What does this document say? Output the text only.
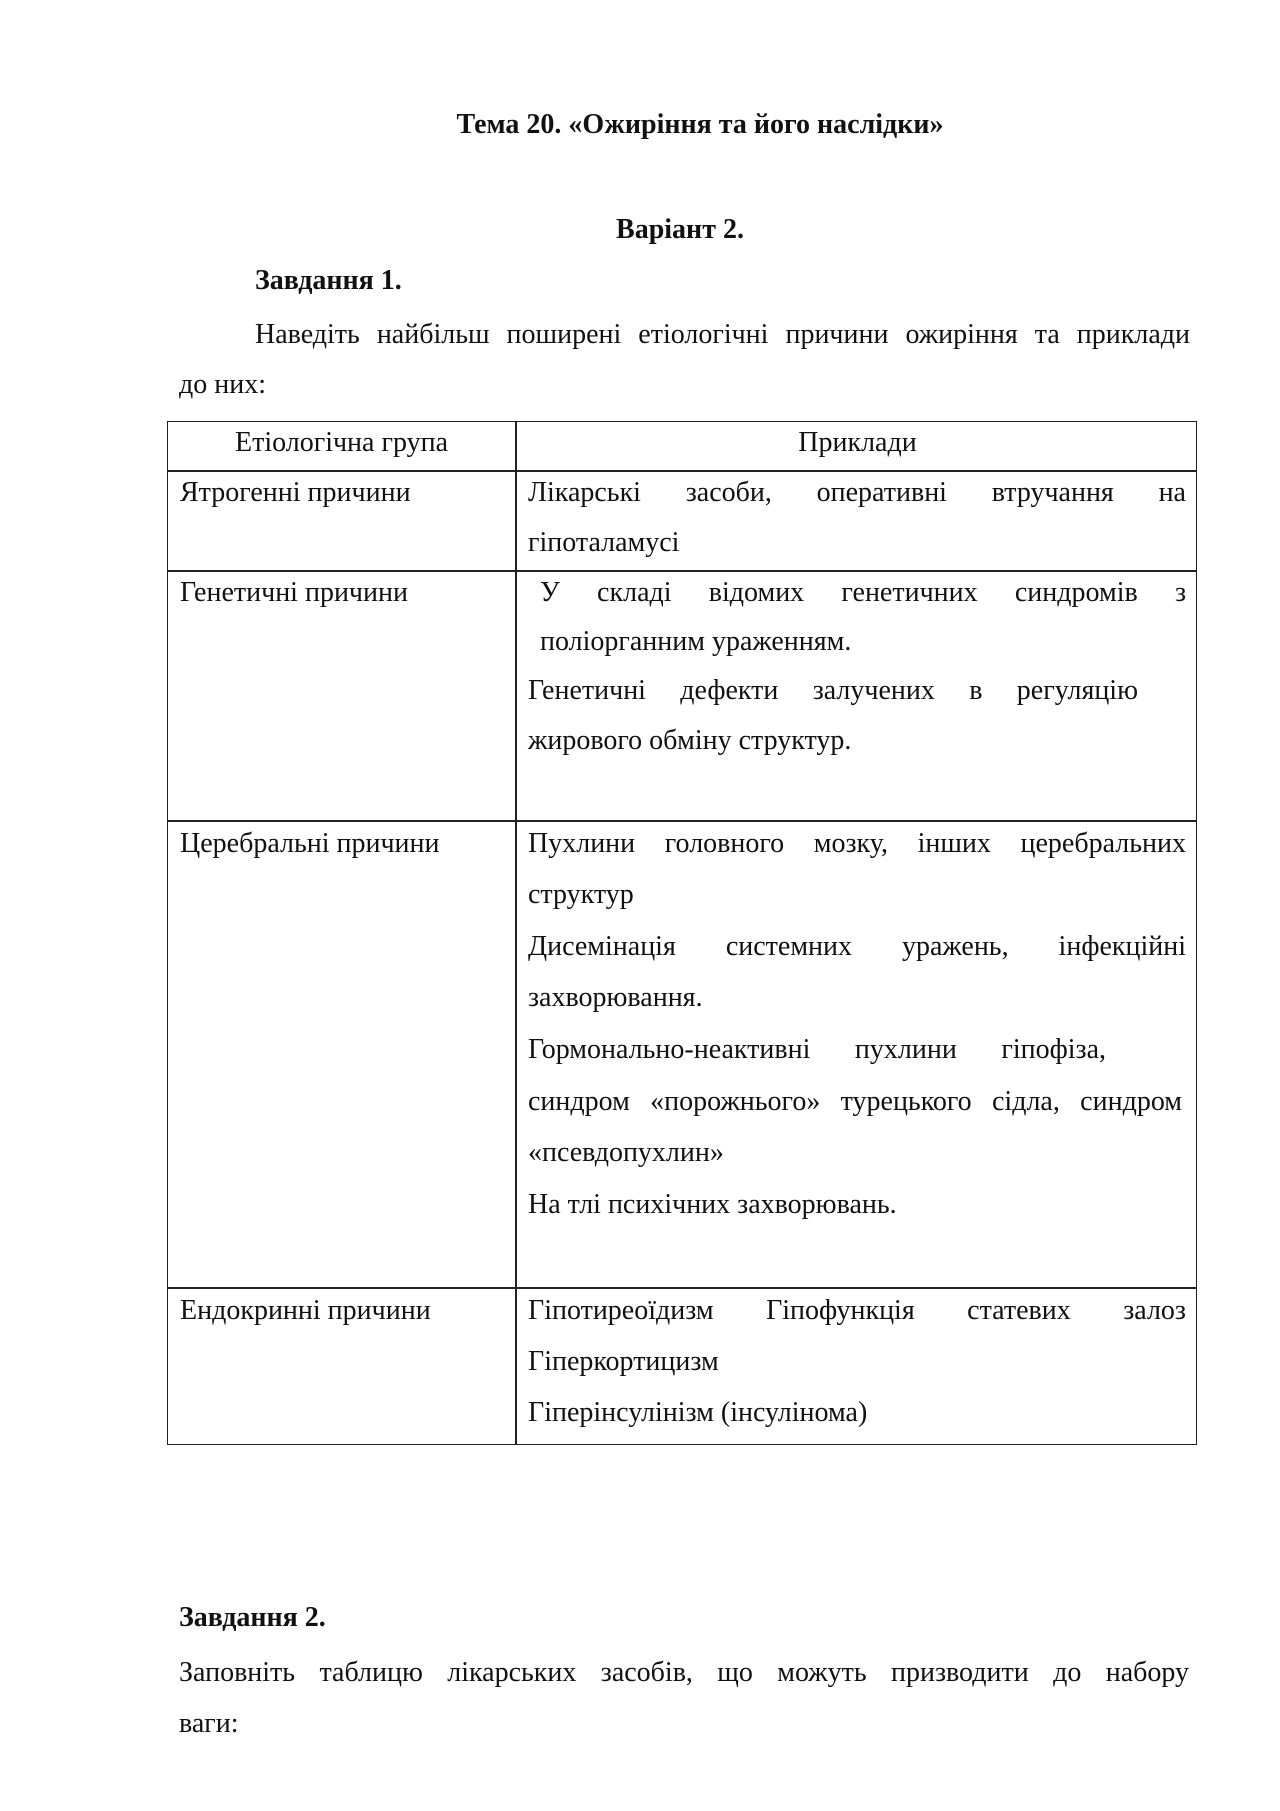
Тема 20. «Ожиріння та його наслідки»
Варіант 2.
Завдання 1.
Наведіть найбільш поширені етіологічні причини ожиріння та приклади
до них:
Етіологічна група	Приклади
Ятрогенні причини	Лікарські засоби, оперативні втручання на
гіпоталамусі
Генетичні причини	У складі відомих генетичних синдромів з
поліорганним ураженням.
Генетичні дефекти залучених в регуляцію
жирового обміну структур.
Церебральні причини	Пухлини головного мозку, інших церебральних
структур
Дисемінація системних уражень, інфекційні
захворювання.
Гормонально-неактивні пухлини гіпофіза,
синдром «порожнього» турецького сідла, синдром
«псевдопухлин»
На тлі психічних захворювань.
Ендокринні причини	Гіпотиреоїдизм Гіпофункція статевих залоз
Гіперкортицизм
Гіперінсулінізм (інсулінома)
Завдання 2.
Заповніть таблицю лікарських засобів, що можуть призводити до набору
ваги:
